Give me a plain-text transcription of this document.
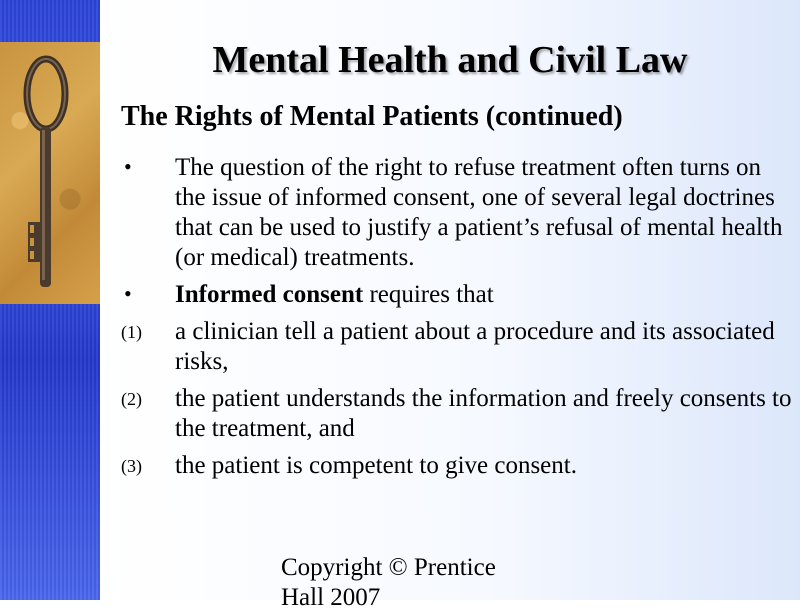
Mental Health and Civil Law
The Rights of Mental Patients (continued)
• The question of the right to refuse treatment often turns on the issue of informed consent, one of several legal doctrines that can be used to justify a patient’s refusal of mental health (or medical) treatments.
• Informed consent requires that
(1) a clinician tell a patient about a procedure and its associated risks,
(2) the patient understands the information and freely consents to the treatment, and
(3) the patient is competent to give consent.
Copyright © Prentice Hall 2007
